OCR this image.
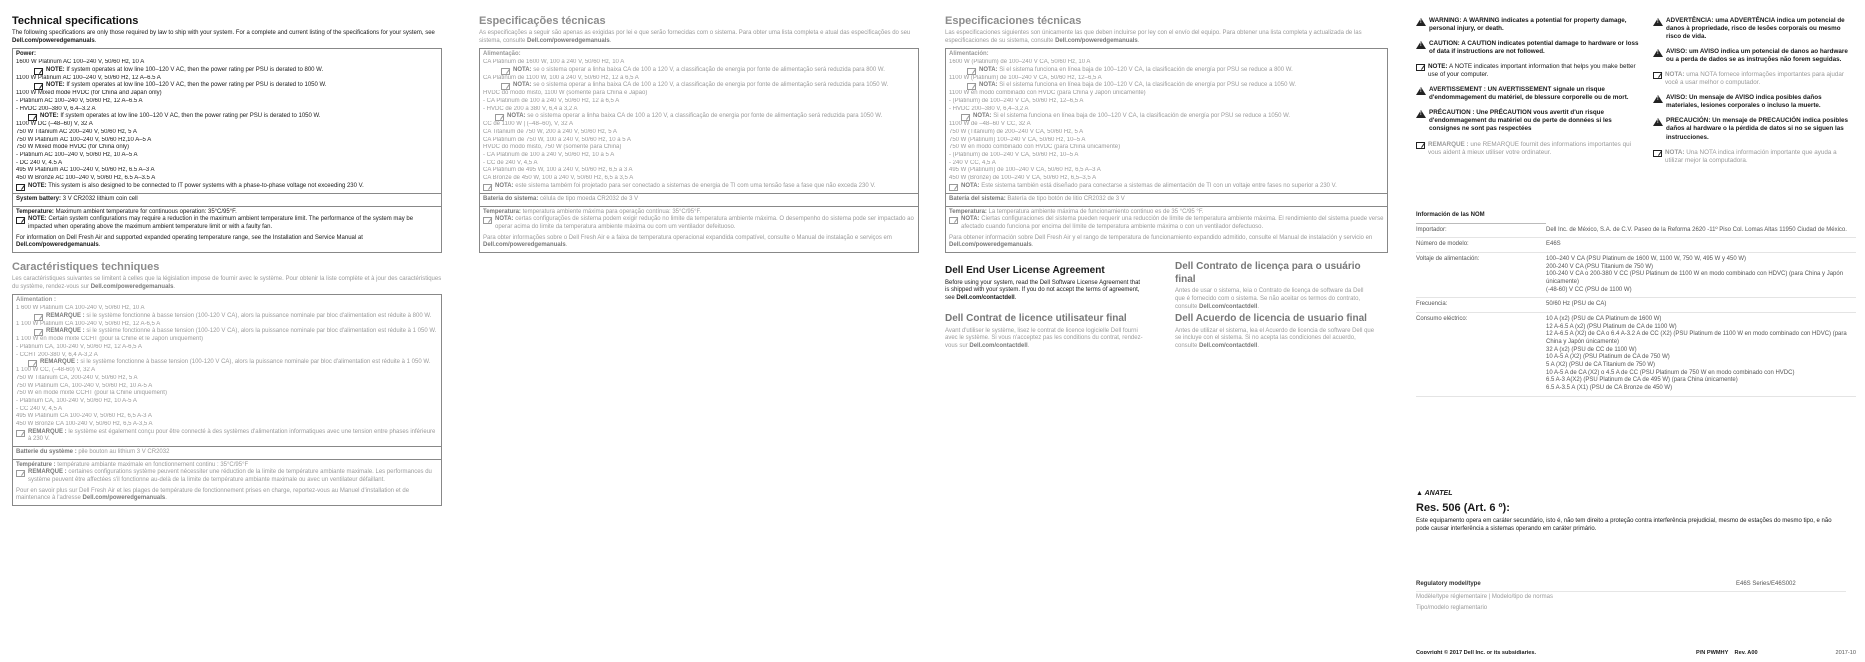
Technical specifications
The following specifications are only those required by law to ship with your system. For a complete and current listing of the specifications for your system, see Dell.com/poweredgemanuals.
Power:
1600 W Platinum AC 100–240 V, 50/60 Hz, 10 A
NOTE: If system operates at low line 100–120 V AC, then the power rating per PSU is derated to 800 W.
1100 W Platinum AC 100–240 V, 50/60 Hz, 12 A–6.5 A
NOTE: If system operates at low line 100–120 V AC, then the power rating per PSU is derated to 1050 W.
1100 W Mixed mode HVDC (for China and Japan only)
- Platinum AC 100–240 V, 50/60 Hz, 12 A–6.5 A
- HVDC 200–380 V, 6.4–3.2 A
NOTE: If system operates at low line 100–120 V AC, then the power rating per PSU is derated to 1050 W.
1100 W DC (–48–60) V, 32 A
750 W Titanium AC 200–240 V, 50/60 Hz, 5 A
750 W Platinum AC 100–240 V, 50/60 Hz,10 A–5 A
750 W Mixed mode HVDC (for China only)
- Platinum AC 100–240 V, 50/60 Hz, 10 A–5 A
- DC 240 V, 4.5 A
495 W Platinum AC 100–240 V, 50/60 Hz, 6.5 A–3 A
450 W Bronze AC 100–240 V, 50/60 Hz, 6.5 A–3.5 A
NOTE: This system is also designed to be connected to IT power systems with a phase-to-phase voltage not exceeding 230 V.
System battery: 3 V CR2032 lithium coin cell
Temperature: Maximum ambient temperature for continuous operation: 35°C/95°F.
NOTE: Certain system configurations may require a reduction in the maximum ambient temperature limit. The performance of the system may be impacted when operating above the maximum ambient temperature limit or with a faulty fan.
For information on Dell Fresh Air and supported expanded operating temperature range, see the Installation and Service Manual at Dell.com/poweredgemanuals.
Caractéristiques techniques
Les caractéristiques suivantes se limitent à celles que la législation impose de fournir avec le système. Pour obtenir la liste complète et à jour des caractéristiques du système, rendez-vous sur Dell.com/poweredgemanuals.
Alimentation :
1 600 W Platinum CA 100-240 V, 50/60 Hz, 10 A
REMARQUE : si le système fonctionne à basse tension (100-120 V CA), alors la puissance nominale par bloc d'alimentation est réduite à 800 W.
1 100 W Platinum CA 100-240 V, 50/60 Hz, 12 A-6,5 A
REMARQUE : si le système fonctionne à basse tension (100-120 V CA), alors la puissance nominale par bloc d'alimentation est réduite à 1 050 W.
1 100 W en mode mixte CCHT (pour la Chine et le Japon uniquement)
- Platinum CA, 100-240 V, 50/60 Hz, 12 A-6,5 A
- CCHT 200-380 V, 6,4 A-3,2 A
REMARQUE : si le système fonctionne à basse tension (100-120 V CA), alors la puissance nominale par bloc d'alimentation est réduite à 1 050 W.
1 100 W CC, (–48-60) V, 32 A
750 W Titanium CA, 200-240 V, 50/60 Hz, 5 A
750 W Platinum CA, 100-240 V, 50/60 Hz, 10 A-5 A
750 W en mode mixte CCHT (pour la Chine uniquement)
- Platinum CA, 100-240 V, 50/60 Hz, 10 A-5 A
- CC 240 V, 4,5 A
495 W Platinum CA 100-240 V, 50/60 Hz, 6,5 A-3 A
450 W Bronze CA 100-240 V, 50/60 Hz, 6,5 A-3,5 A
REMARQUE : le système est également conçu pour être connecté à des systèmes d'alimentation informatiques avec une tension entre phases inférieure à 230 V.
Batterie du système : pile bouton au lithium 3 V CR2032
Température : température ambiante maximale en fonctionnement continu : 35°C/95°F
REMARQUE : certaines configurations système peuvent nécessiter une réduction de la limite de température ambiante maximale. Les performances du système peuvent être affectées s'il fonctionne au-delà de la limite de température ambiante maximale ou avec un ventilateur défaillant.
Pour en savoir plus sur Dell Fresh Air et les plages de température de fonctionnement prises en charge, reportez-vous au Manuel d'installation et de maintenance à l'adresse Dell.com/poweredgemanuals.
Especificações técnicas
As especificações a seguir são apenas as exigidas por lei e que serão fornecidas com o sistema. Para obter uma lista completa e atual das especificações do seu sistema, consulte Dell.com/poweredgemanuals.
Alimentação:
CA Platinum de 1600 W, 100 a 240 V, 50/60 Hz, 10 A
NOTA: se o sistema operar a linha baixa CA de 100 a 120 V, a classificação de energia por fonte de alimentação será reduzida para 800 W.
CA Platinum de 1100 W, 100 a 240 V, 50/60 Hz, 12 a 6,5 A
NOTA: se o sistema operar a linha baixa CA de 100 a 120 V, a classificação de energia por fonte de alimentação será reduzida para 1050 W.
HVDC do modo misto, 1100 W (somente para China e Japão)
- CA Platinum de 100 a 240 V, 50/60 Hz, 12 a 6,5 A
- HVDC de 200 a 380 V, 6,4 a 3,2 A
NOTA: se o sistema operar a linha baixa CA de 100 a 120 V, a classificação de energia por fonte de alimentação será reduzida para 1050 W.
CC de 1100 W | (–48–60), V, 32 A
CA Titanium de 750 W, 200 a 240 V, 50/60 Hz, 5 A
CA Platinum de 750 W, 100 a 240 V, 50/60 Hz, 10 a 5 A
HVDC do modo misto, 750 W (somente para China)
- CA Platinum de 100 a 240 V, 50/60 Hz, 10 a 5 A
- CC de 240 V, 4,5 A
CA Platinum de 495 W, 100 a 240 V, 50/60 Hz, 6,5 a 3 A
CA Bronze de 450 W, 100 a 240 V, 50/60 Hz, 6,5 a 3,5 A
NOTA: este sistema também foi projetado para ser conectado a sistemas de energia de TI com uma tensão fase a fase que não exceda 230 V.
Bateria do sistema: célula de tipo moeda CR2032 de 3 V
Temperatura: temperatura ambiente máxima para operação contínua: 35°C/95°F.
NOTA: certas configurações de sistema podem exigir redução no limite da temperatura ambiente máxima. O desempenho do sistema pode ser impactado ao operar acima do limite da temperatura ambiente máxima ou com um ventilador defeituoso.
Para obter informações sobre o Dell Fresh Air e a faixa de temperatura operacional expandida compatível, consulte o Manual de instalação e serviços em Dell.com/poweredgemanuals.
Especificaciones técnicas
Las especificaciones siguientes son únicamente las que deben incluirse por ley con el envío del equipo. Para obtener una lista completa y actualizada de las especificaciones de su sistema, consulte Dell.com/poweredgemanuals.
Alimentación:
1600 W (Platinum) de 100–240 V CA, 50/60 Hz, 10 A
NOTA: Si el sistema funciona en línea baja de 100–120 V CA, la clasificación de energía por PSU se reduce a 800 W.
1100 W (Platinum) de 100–240 V CA, 50/60 Hz, 12–6,5 A
NOTA: Si el sistema funciona en línea baja de 100–120 V CA, la clasificación de energía por PSU se reduce a 1050 W.
1100 W en modo combinado con HVDC (para China y Japón únicamente)
- (Platinum) de 100–240 V CA, 50/60 Hz, 12–6,5 A
- HVDC 200–380 V, 6,4–3,2 A
NOTA: Si el sistema funciona en línea baja de 100–120 V CA, la clasificación de energía por PSU se reduce a 1050 W.
1100 W de –48–60 V CC, 32 A
750 W (Titanium) de 200–240 V CA, 50/60 Hz, 5 A
750 W (Platinum) 100–240 V CA, 50/60 Hz, 10–5 A
750 W en modo combinado con HVDC (para China únicamente)
- (Platinum) de 100–240 V CA, 50/60 Hz, 10–5 A
- 240 V CC, 4,5 A
495 W (Platinum) de 100–240 V CA, 50/60 Hz, 6,5 A–3 A
450 W (Bronze) de 100–240 V CA, 50/60 Hz, 6,5–3,5 A
NOTA: Este sistema también está diseñado para conectarse a sistemas de alimentación de TI con un voltaje entre fases no superior a 230 V.
Batería del sistema: Batería de tipo botón de litio CR2032 de 3 V
Temperatura: La temperatura ambiente máxima de funcionamiento continuo es de 35 °C/95 °F.
NOTA: Ciertas configuraciones del sistema pueden requerir una reducción de límite de temperatura ambiente máxima. El rendimiento del sistema puede verse afectado cuando funciona por encima del límite de temperatura ambiente máxima o con un ventilador defectuoso.
Para obtener información sobre Dell Fresh Air y el rango de temperatura de funcionamiento expandido admitido, consulte el Manual de instalación y servicio en Dell.com/poweredgemanuals.
Dell End User License Agreement
Before using your system, read the Dell Software License Agreement that is shipped with your system. If you do not accept the terms of agreement, see Dell.com/contactdell.
Dell Contrat de licence utilisateur final
Avant d'utiliser le système, lisez le contrat de licence logicielle Dell fourni avec le système. Si vous n'acceptez pas les conditions du contrat, rendez-vous sur Dell.com/contactdell.
Dell Contrato de licença para o usuário final
Antes de usar o sistema, leia o Contrato de licença de software da Dell que é fornecido com o sistema. Se não aceitar os termos do contrato, consulte Dell.com/contactdell.
Dell Acuerdo de licencia de usuario final
Antes de utilizar el sistema, lea el Acuerdo de licencia de software Dell que se incluye con el sistema. Si no acepta las condiciones del acuerdo, consulte Dell.com/contactdell.
!
WARNING: A WARNING indicates a potential for property damage, personal injury, or death.
!
CAUTION: A CAUTION indicates potential damage to hardware or loss of data if instructions are not followed.
NOTE: A NOTE indicates important information that helps you make better use of your computer.
!
AVERTISSEMENT : UN AVERTISSEMENT signale un risque d'endommagement du matériel, de blessure corporelle ou de mort.
!
PRÉCAUTION : Une PRÉCAUTION vous avertit d'un risque d'endommagement du matériel ou de perte de données si les consignes ne sont pas respectées
REMARQUE : une REMARQUE fournit des informations importantes qui vous aident à mieux utiliser votre ordinateur.
!
ADVERTÊNCIA: uma ADVERTÊNCIA indica um potencial de danos à propriedade, risco de lesões corporais ou mesmo risco de vida.
!
AVISO: um AVISO indica um potencial de danos ao hardware ou a perda de dados se as instruções não forem seguidas.
NOTA: uma NOTA fornece informações importantes para ajudar você a usar melhor o computador.
!
AVISO: Un mensaje de AVISO indica posibles daños materiales, lesiones corporales o incluso la muerte.
!
PRECAUCIÓN: Un mensaje de PRECAUCIÓN indica posibles daños al hardware o la pérdida de datos si no se siguen las instrucciones.
NOTA: Una NOTA indica información importante que ayuda a utilizar mejor la computadora.
Información de las NOM
Importador:	Dell Inc. de México, S.A. de C.V. Paseo de la Reforma 2620 -11º Piso Col. Lomas Altas 11950 Ciudad de México.
Número de modelo:	E46S
Voltaje de alimentación:	100–240 V CA (PSU Platinum de 1600 W, 1100 W, 750 W, 495 W y 450 W)
200-240 V CA (PSU Titanium de 750 W)
100-240 V CA o 200-380 V CC (PSU Platinum de 1100 W en modo combinado con HDVC) (para China y Japón únicamente)
(-48-60) V CC (PSU de 1100 W)
Frecuencia:	50/60 Hz (PSU de CA)
Consumo eléctrico:	10 A (x2) (PSU de CA Platinum de 1600 W)
12 A-6.5 A (x2) (PSU Platinum de CA de 1100 W)
12 A-6.5 A (X2) de CA o 6.4 A-3.2 A de CC (X2) (PSU Platinum de 1100 W en modo combinado con HDVC) (para China y Japón únicamente)
32 A (x2) (PSU de CC de 1100 W)
10 A-5 A (X2) (PSU Platinum de CA de 750 W)
5 A (X2) (PSU de CA Titanium de 750 W)
10 A-5 A de CA (X2) o 4.5 A de CC (PSU Platinum de 750 W en modo combinado con HVDC)
6.5 A-3 A(X2) (PSU Platinum de CA de 495 W) (para China únicamente)
6.5 A-3.5 A (X1) (PSU de CA Bronze de 450 W)
▲ ANATEL
Res. 506 (Art. 6 º):
Este equipamento opera em caráter secundário, isto é, não tem direito a proteção contra interferência prejudicial, mesmo de estações do mesmo tipo, e não pode causar interferência a sistemas operando em caráter primário.
Regulatory model/type	E46S Series/E46S002
Modèle/type réglementaire | Modelo/tipo de normas
Tipo/modelo reglamentario
Copyright © 2017 Dell Inc. or its subsidiaries.	P/N PWMHY Rev. A00	2017-10
